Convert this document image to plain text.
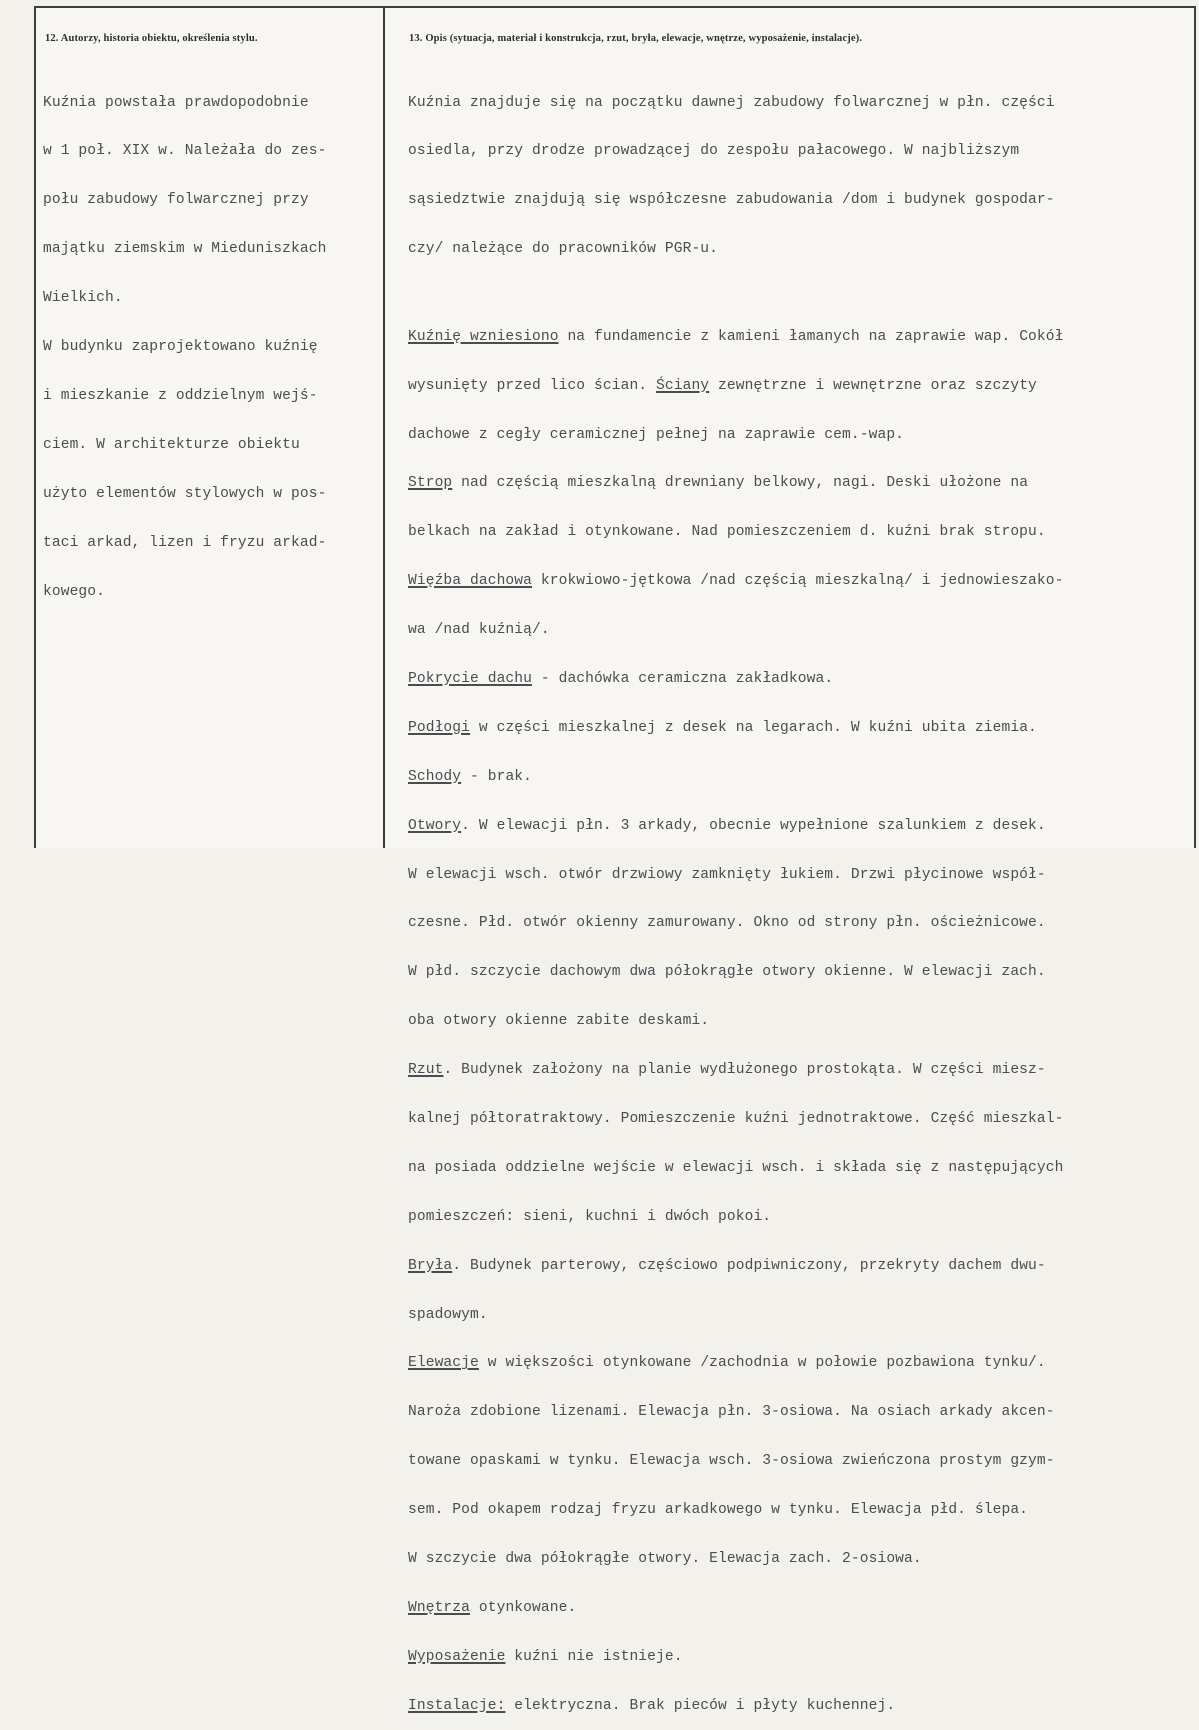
12. Autorzy, historia obiektu, określenia stylu.	13. Opis (sytuacja, materiał i konstrukcja, rzut, bryła, elewacje, wnętrze, wyposażenie, instalacje).

Kuźnia powstała prawdopodobnie

w 1 poł. XIX w. Należała do zes-

połu zabudowy folwarcznej przy

majątku ziemskim w Mieduniszkach

Wielkich.

W budynku zaprojektowano kuźnię

i mieszkanie z oddzielnym wejś-

ciem. W architekturze obiektu

użyto elementów stylowych w pos-

taci arkad, lizen i fryzu arkad-

kowego.

Kuźnia znajduje się na początku dawnej zabudowy folwarcznej w płn. części

osiedla, przy drodze prowadzącej do zespołu pałacowego. W najbliższym

sąsiedztwie znajdują się współczesne zabudowania /dom i budynek gospodar-

czy/ należące do pracowników PGR-u.

Kuźnię wzniesiono na fundamencie z kamieni łamanych na zaprawie wap. Cokół

wysunięty przed lico ścian. Ściany zewnętrzne i wewnętrzne oraz szczyty

dachowe z cegły ceramicznej pełnej na zaprawie cem.-wap.

Strop nad częścią mieszkalną drewniany belkowy, nagi. Deski ułożone na

belkach na zakład i otynkowane. Nad pomieszczeniem d. kuźni brak stropu.

Więźba dachowa krokwiowo-jętkowa /nad częścią mieszkalną/ i jednowieszako-

wa /nad kuźnią/.

Pokrycie dachu - dachówka ceramiczna zakładkowa.

Podłogi w części mieszkalnej z desek na legarach. W kuźni ubita ziemia.

Schody - brak.

Otwory. W elewacji płn. 3 arkady, obecnie wypełnione szalunkiem z desek.

W elewacji wsch. otwór drzwiowy zamknięty łukiem. Drzwi płycinowe współ-

czesne. Płd. otwór okienny zamurowany. Okno od strony płn. ościeżnicowe.

W płd. szczycie dachowym dwa półokrągłe otwory okienne. W elewacji zach.

oba otwory okienne zabite deskami.

Rzut. Budynek założony na planie wydłużonego prostokąta. W części miesz-

kalnej półtoratraktowy. Pomieszczenie kuźni jednotraktowe. Część mieszkal-

na posiada oddzielne wejście w elewacji wsch. i składa się z następujących

pomieszczeń: sieni, kuchni i dwóch pokoi.

Bryła. Budynek parterowy, częściowo podpiwniczony, przekryty dachem dwu-

spadowym.

Elewacje w większości otynkowane /zachodnia w połowie pozbawiona tynku/.

Naroża zdobione lizenami. Elewacja płn. 3-osiowa. Na osiach arkady akcen-

towane opaskami w tynku. Elewacja wsch. 3-osiowa zwieńczona prostym gzym-

sem. Pod okapem rodzaj fryzu arkadkowego w tynku. Elewacja płd. ślepa.

W szczycie dwa półokrągłe otwory. Elewacja zach. 2-osiowa.

Wnętrza otynkowane.

Wyposażenie kuźni nie istnieje.

Instalacje: elektryczna. Brak pieców i płyty kuchennej.
